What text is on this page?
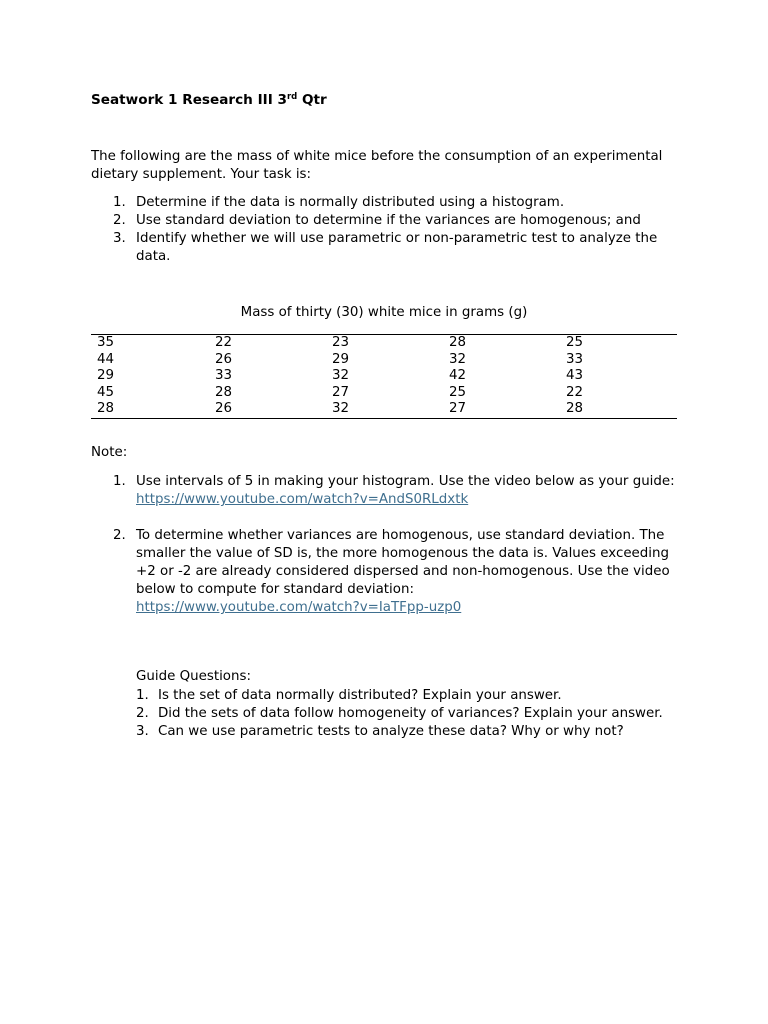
Seatwork 1 Research III 3rd Qtr
The following are the mass of white mice before the consumption of an experimental dietary supplement. Your task is:
1. Determine if the data is normally distributed using a histogram.
2. Use standard deviation to determine if the variances are homogenous; and
3. Identify whether we will use parametric or non-parametric test to analyze the data.
Mass of thirty (30) white mice in grams (g)
35	22	23	28	25
44	26	29	32	33
29	33	32	42	43
45	28	27	25	22
28	26	32	27	28
Note:
1. Use intervals of 5 in making your histogram. Use the video below as your guide:
https://www.youtube.com/watch?v=AndS0RLdxtk
2. To determine whether variances are homogenous, use standard deviation. The smaller the value of SD is, the more homogenous the data is. Values exceeding +2 or -2 are already considered dispersed and non-homogenous. Use the video below to compute for standard deviation:
https://www.youtube.com/watch?v=IaTFpp-uzp0
Guide Questions:
1. Is the set of data normally distributed? Explain your answer.
2. Did the sets of data follow homogeneity of variances? Explain your answer.
3. Can we use parametric tests to analyze these data? Why or why not?
